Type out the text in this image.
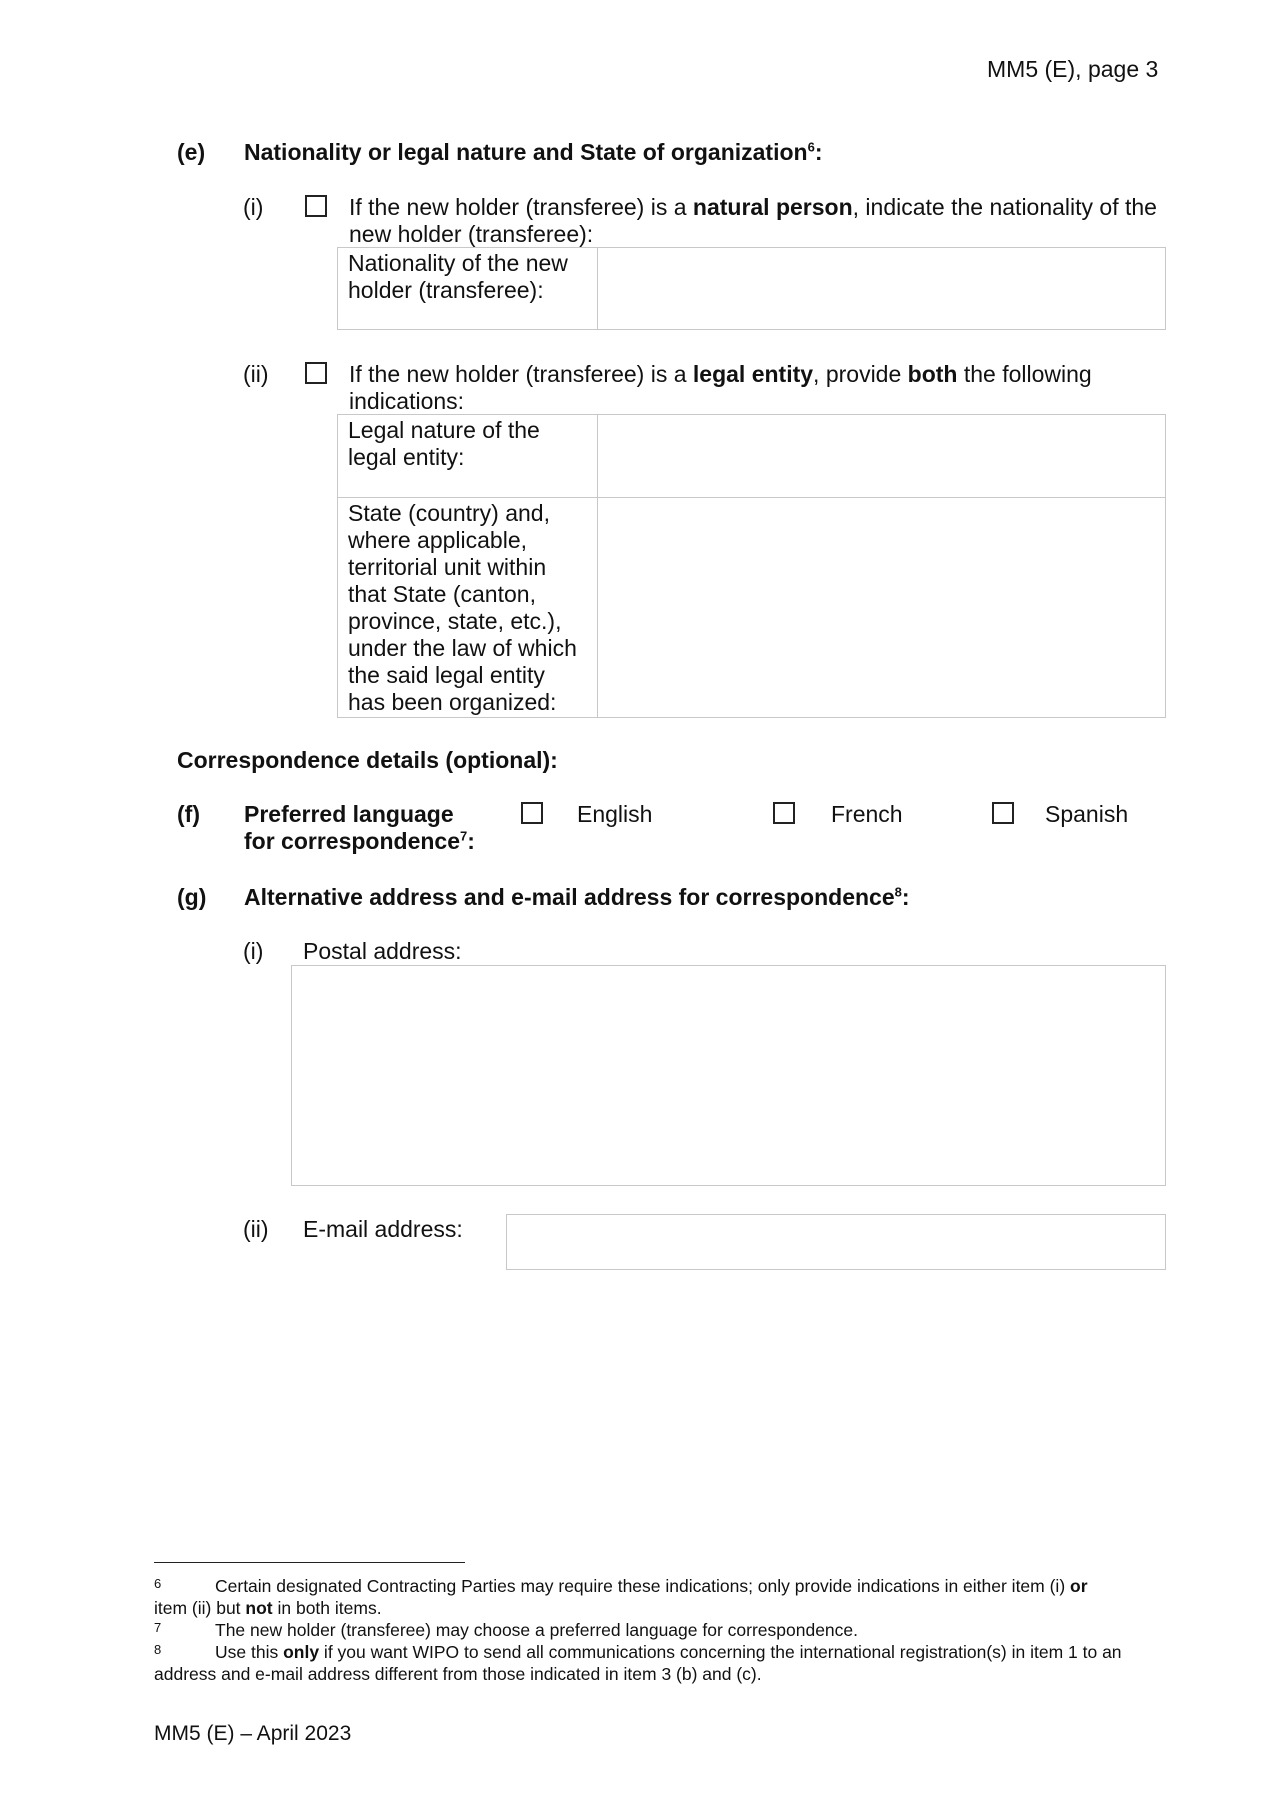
MM5 (E), page 3
(e) Nationality or legal nature and State of organization$^6$:
(i)	If the new holder (transferee) is a natural person, indicate the nationality of the new holder (transferee):
Nationality of the new holder (transferee):	
(ii)	If the new holder (transferee) is a legal entity, provide both the following indications:
Legal nature of the legal entity:	
State (country) and, where applicable, territorial unit within that State (canton, province, state, etc.), under the law of which the said legal entity has been organized:	
Correspondence details (optional):
(f) Preferred language
for correspondence$^7$:
English	French	Spanish
(g) Alternative address and e-mail address for correspondence$^8$:
(i) Postal address:
(ii) E-mail address:
6	Certain designated Contracting Parties may require these indications; only provide indications in either item (i) or item (ii) but not in both items.
7	The new holder (transferee) may choose a preferred language for correspondence.
8	Use this only if you want WIPO to send all communications concerning the international registration(s) in item 1 to an address and e-mail address different from those indicated in item 3 (b) and (c).
MM5 (E) – April 2023
